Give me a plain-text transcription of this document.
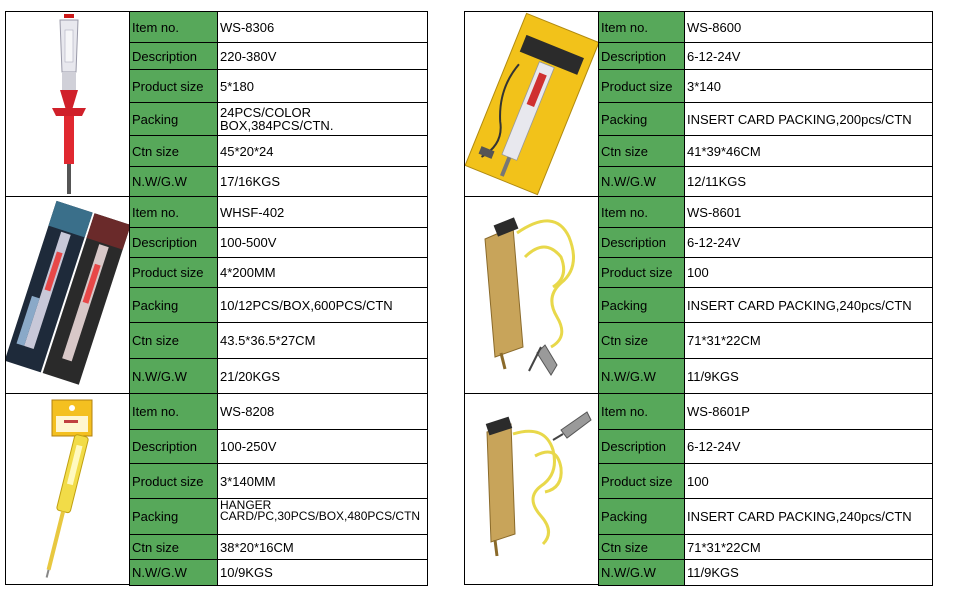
Item no.	WS-8306
Description	220-380V
Product size	5*180
Packing	24PCS/COLOR BOX,384PCS/CTN.
Ctn size	45*20*24
N.W/G.W	17/16KGS
Item no.	WHSF-402
Description	100-500V
Product size	4*200MM
Packing	10/12PCS/BOX,600PCS/CTN
Ctn size	43.5*36.5*27CM
N.W/G.W	21/20KGS
Item no.	WS-8208
Description	100-250V
Product size	3*140MM
Packing	HANGER CARD/PC,30PCS/BOX,480PCS/CTN

Ctn size	38*20*16CM
N.W/G.W	10/9KGS
Item no.	WS-8600
Description	6-12-24V
Product size	3*140
Packing	INSERT CARD PACKING,200pcs/CTN
Ctn size	41*39*46CM
N.W/G.W	12/11KGS
Item no.	WS-8601
Description	6-12-24V
Product size	100
Packing	INSERT CARD PACKING,240pcs/CTN
Ctn size	71*31*22CM
N.W/G.W	11/9KGS
Item no.	WS-8601P
Description	6-12-24V
Product size	100
Packing	INSERT CARD PACKING,240pcs/CTN
Ctn size	71*31*22CM
N.W/G.W	11/9KGS
